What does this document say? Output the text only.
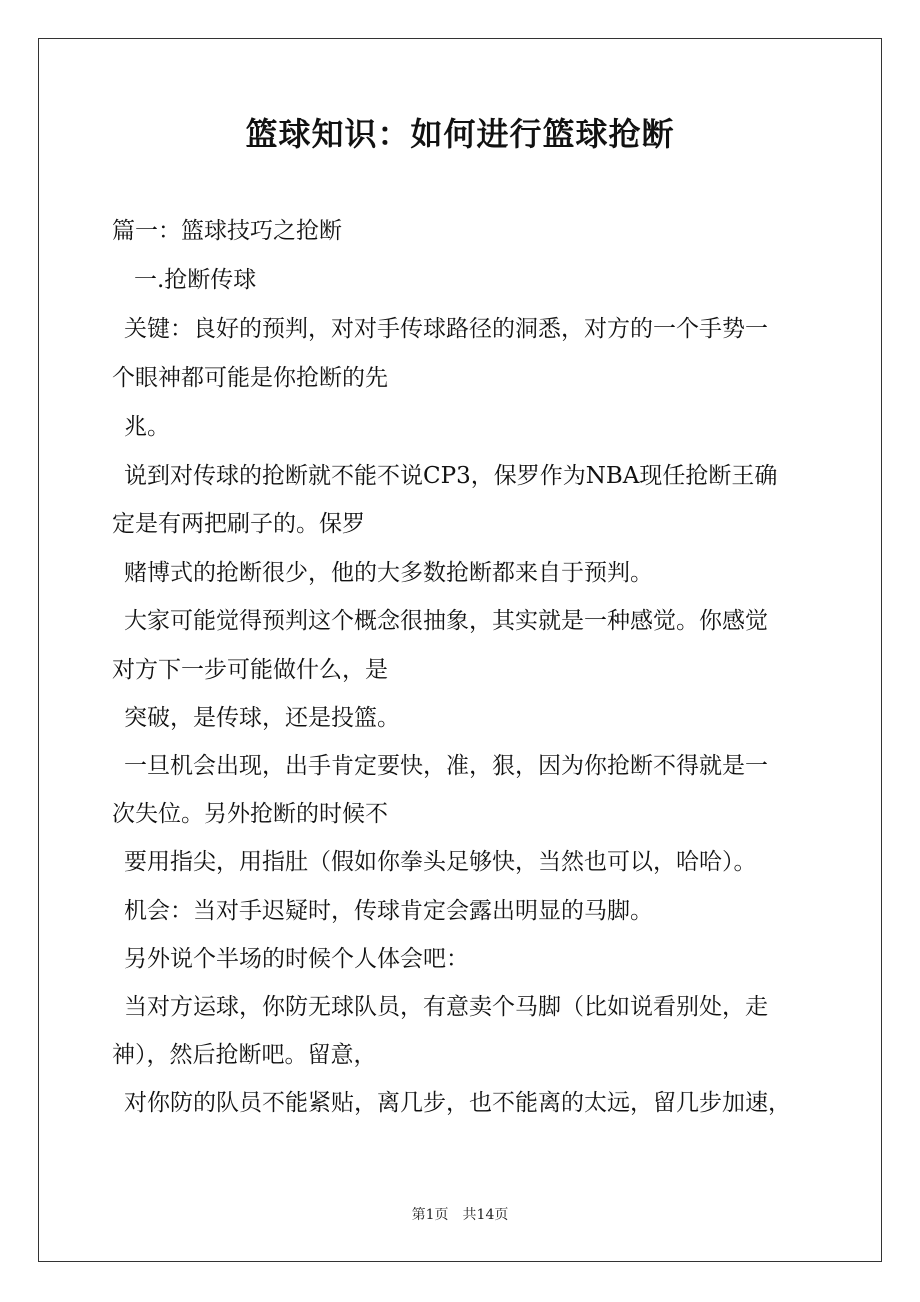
篮球知识：如何进行篮球抢断
篇一：篮球技巧之抢断
一.抢断传球
关键：良好的预判，对对手传球路径的洞悉，对方的一个手势一
个眼神都可能是你抢断的先
兆。
说到对传球的抢断就不能不说CP3，保罗作为NBA现任抢断王确
定是有两把刷子的。保罗
赌博式的抢断很少，他的大多数抢断都来自于预判。
大家可能觉得预判这个概念很抽象，其实就是一种感觉。你感觉
对方下一步可能做什么，是
突破，是传球，还是投篮。
一旦机会出现，出手肯定要快，准，狠，因为你抢断不得就是一
次失位。另外抢断的时候不
要用指尖，用指肚（假如你拳头足够快，当然也可以，哈哈）。
机会：当对手迟疑时，传球肯定会露出明显的马脚。
另外说个半场的时候个人体会吧：
当对方运球，你防无球队员，有意卖个马脚（比如说看别处，走
神），然后抢断吧。留意，
对你防的队员不能紧贴，离几步，也不能离的太远，留几步加速，
第1页　共14页
